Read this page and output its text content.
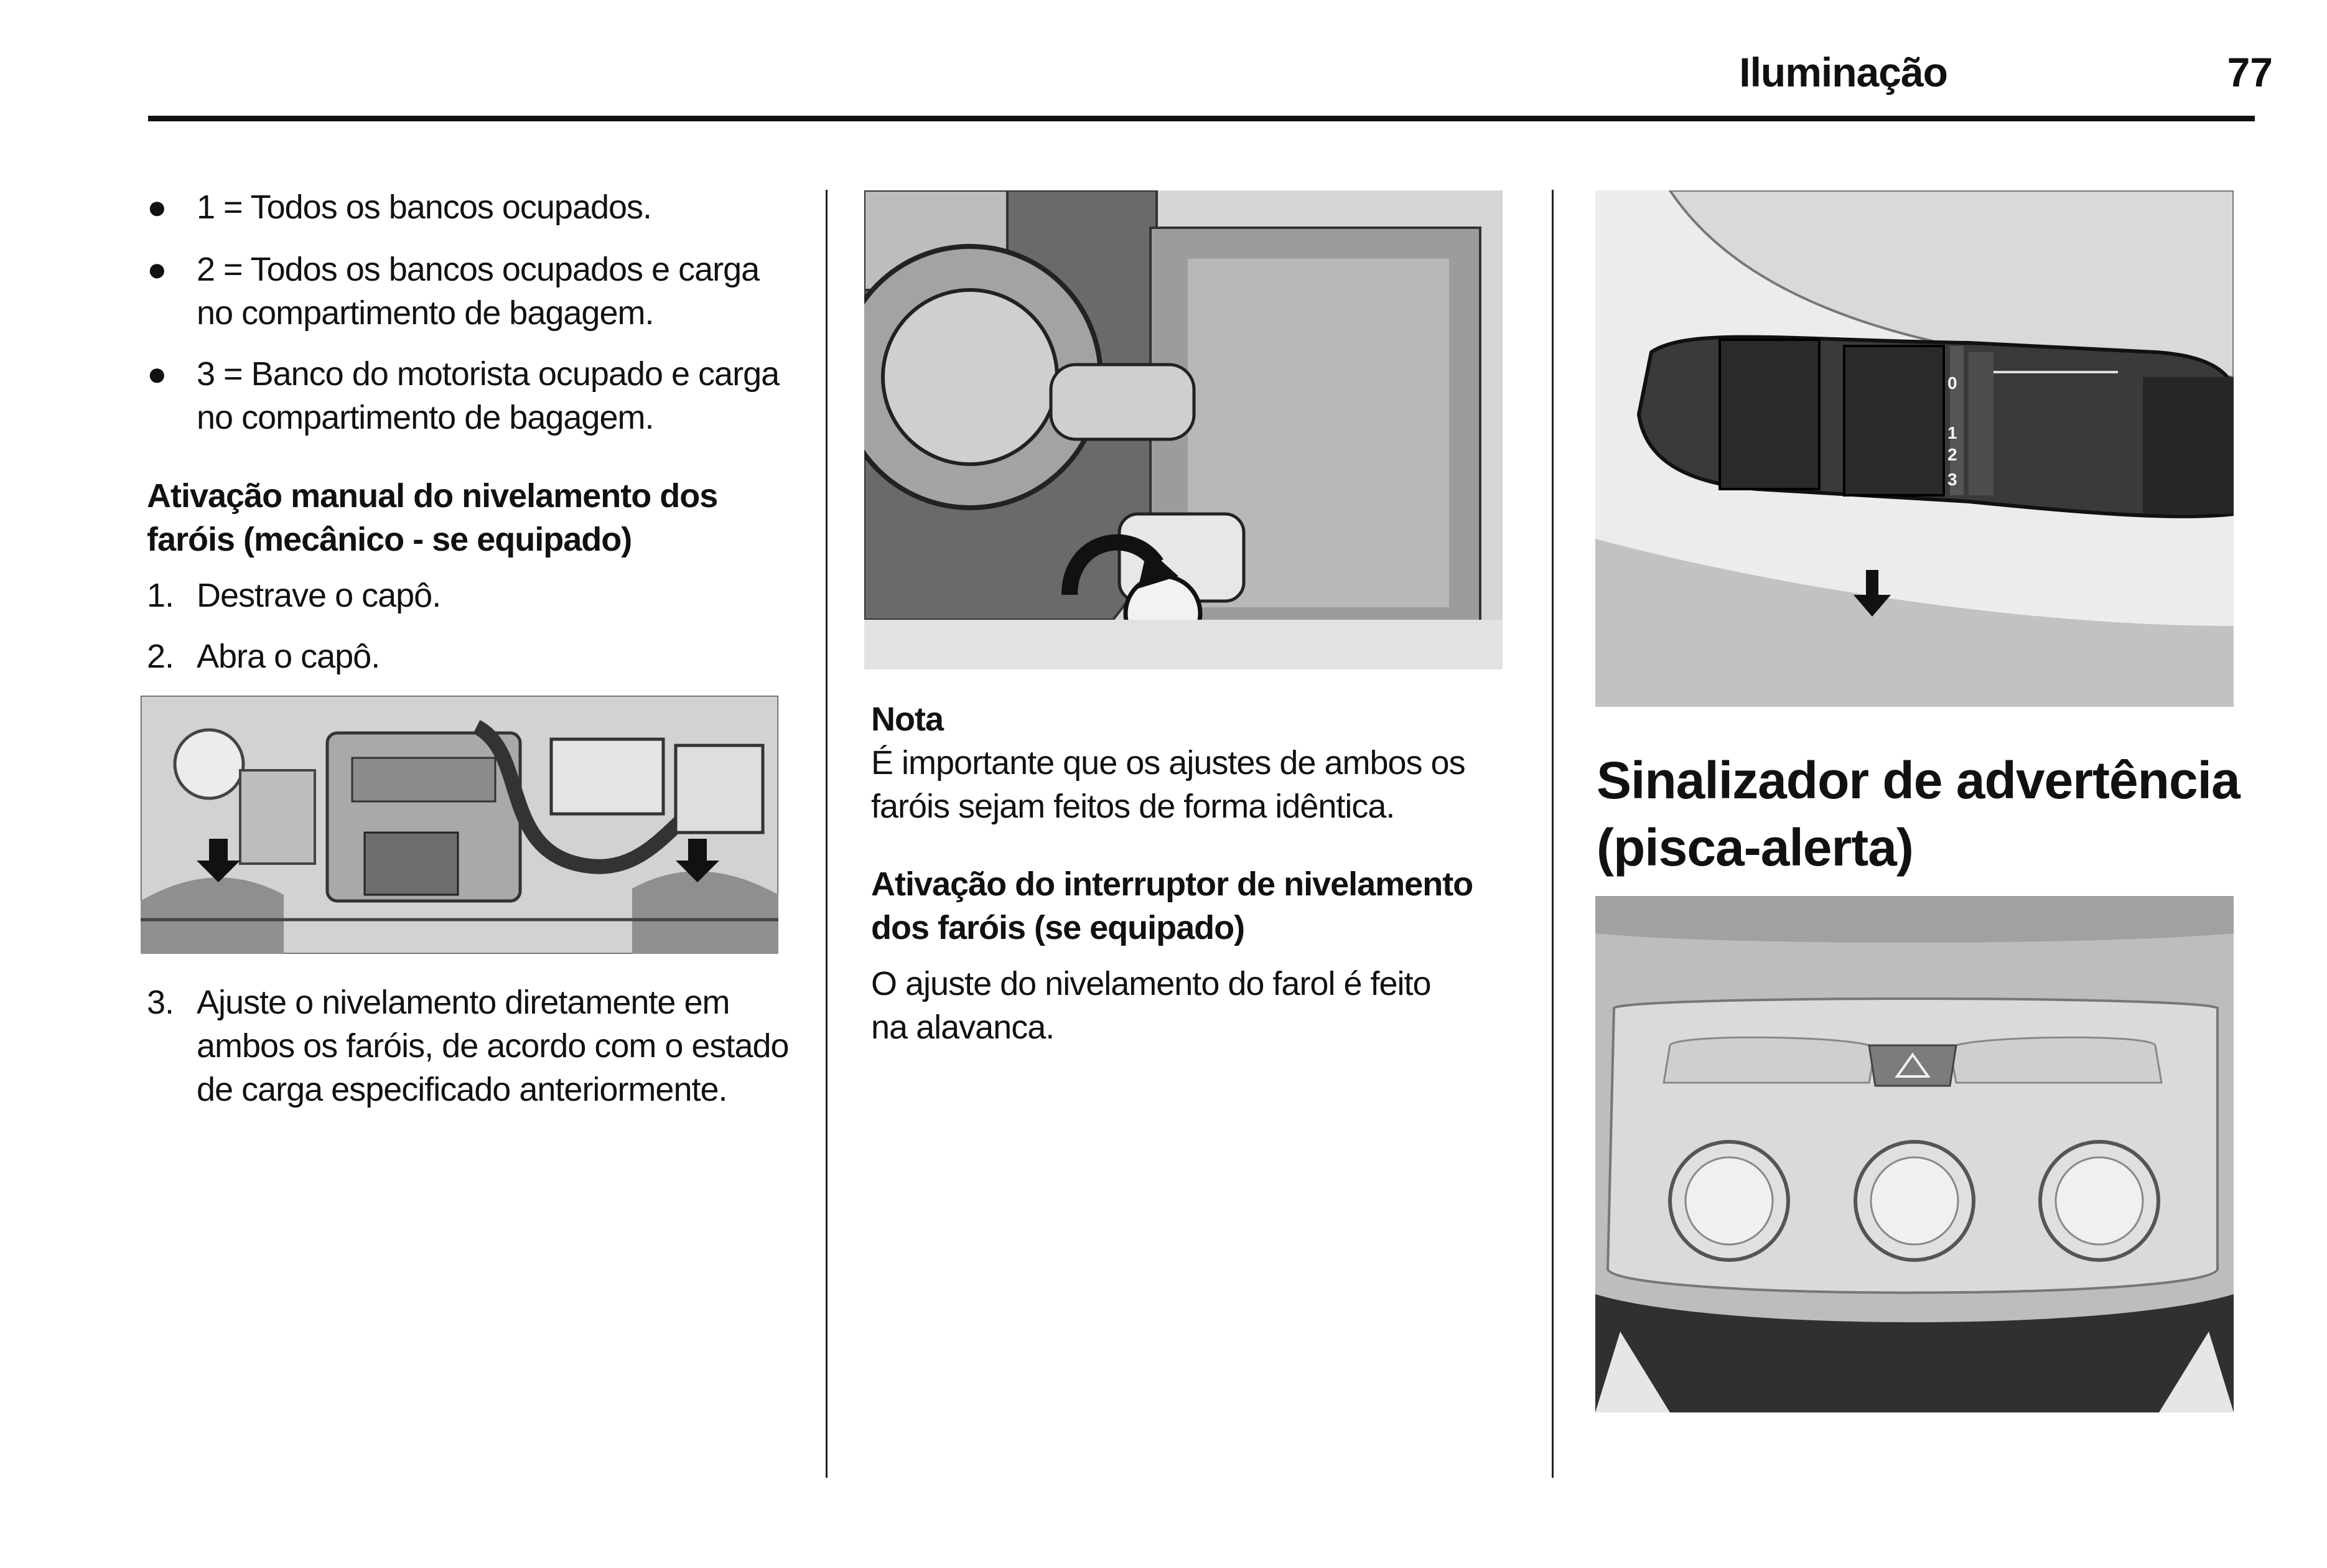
Iluminação	77
● 1 = Todos os bancos ocupados.
● 2 = Todos os bancos ocupados e carga no compartimento de bagagem.
● 3 = Banco do motorista ocupado e carga no compartimento de bagagem.
Ativação manual do nivelamento dos faróis (mecânico - se equipado)
1. Destrave o capô.
2. Abra o capô.
3. Ajuste o nivelamento diretamente em ambos os faróis, de acordo com o estado de carga especificado anteriormente.
Nota
É importante que os ajustes de ambos os faróis sejam feitos de forma idêntica.
Ativação do interruptor de nivelamento dos faróis (se equipado)
O ajuste do nivelamento do farol é feito na alavanca.
0
1
2
3
Sinalizador de advertência (pisca-alerta)
